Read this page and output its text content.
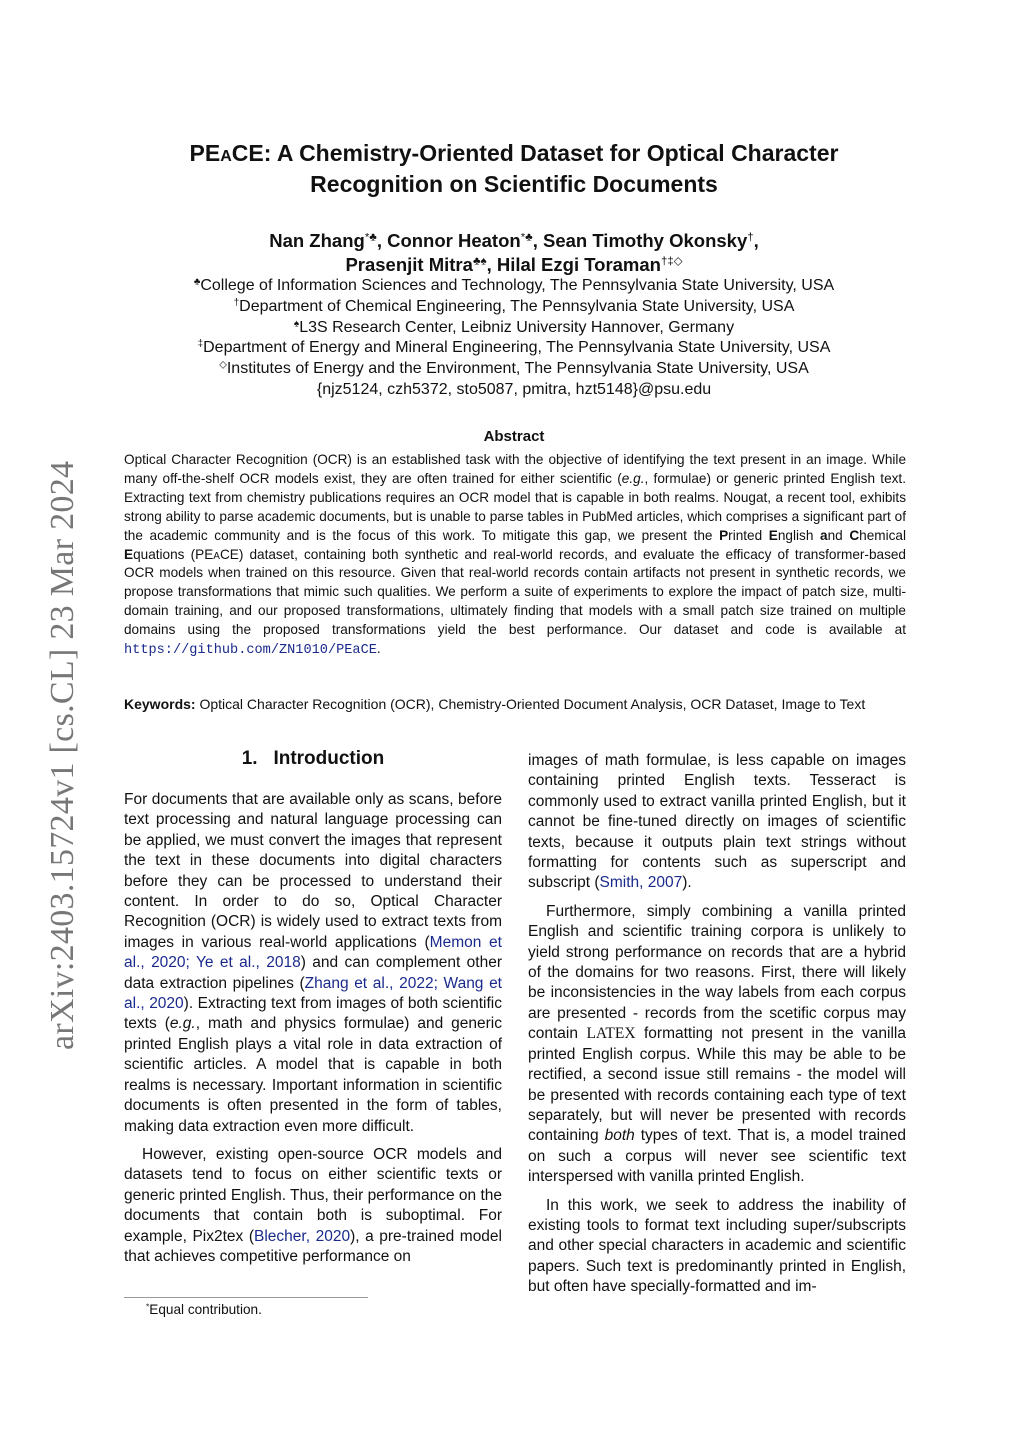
arXiv:2403.15724v1 [cs.CL] 23 Mar 2024
PEaCE: A Chemistry-Oriented Dataset for Optical Character
Recognition on Scientific Documents
Nan Zhang*♣, Connor Heaton*♣, Sean Timothy Okonsky†,
Prasenjit Mitra♣♠, Hilal Ezgi Toraman†‡◇
♣College of Information Sciences and Technology, The Pennsylvania State University, USA
†Department of Chemical Engineering, The Pennsylvania State University, USA
♠L3S Research Center, Leibniz University Hannover, Germany
‡Department of Energy and Mineral Engineering, The Pennsylvania State University, USA
◇Institutes of Energy and the Environment, The Pennsylvania State University, USA
{njz5124, czh5372, sto5087, pmitra, hzt5148}@psu.edu
Abstract
Optical Character Recognition (OCR) is an established task with the objective of identifying the text present in an image. While many off-the-shelf OCR models exist, they are often trained for either scientific (e.g., formulae) or generic printed English text. Extracting text from chemistry publications requires an OCR model that is capable in both realms. Nougat, a recent tool, exhibits strong ability to parse academic documents, but is unable to parse tables in PubMed articles, which comprises a significant part of the academic community and is the focus of this work. To mitigate this gap, we present the Printed English and Chemical Equations (PEaCE) dataset, containing both synthetic and real-world records, and evaluate the efficacy of transformer-based OCR models when trained on this resource. Given that real-world records contain artifacts not present in synthetic records, we propose transformations that mimic such qualities. We perform a suite of experiments to explore the impact of patch size, multi-domain training, and our proposed transformations, ultimately finding that models with a small patch size trained on multiple domains using the proposed transformations yield the best performance. Our dataset and code is available at https://github.com/ZN1010/PEaCE.
Keywords: Optical Character Recognition (OCR), Chemistry-Oriented Document Analysis, OCR Dataset, Image to Text
1. Introduction

For documents that are available only as scans, before text processing and natural language processing can be applied, we must convert the images that represent the text in these documents into digital characters before they can be processed to understand their content. In order to do so, Optical Character Recognition (OCR) is widely used to extract texts from images in various real-world applications (Memon et al., 2020; Ye et al., 2018) and can complement other data extraction pipelines (Zhang et al., 2022; Wang et al., 2020). Extracting text from images of both scientific texts (e.g., math and physics formulae) and generic printed English plays a vital role in data extraction of scientific articles. A model that is capable in both realms is necessary. Important information in scientific documents is often presented in the form of tables, making data extraction even more difficult.

However, existing open-source OCR models and datasets tend to focus on either scientific texts or generic printed English. Thus, their performance on the documents that contain both is suboptimal. For example, Pix2tex (Blecher, 2020), a pre-trained model that achieves competitive performance on

images of math formulae, is less capable on images containing printed English texts. Tesseract is commonly used to extract vanilla printed English, but it cannot be fine-tuned directly on images of scientific texts, because it outputs plain text strings without formatting for contents such as superscript and subscript (Smith, 2007).

Furthermore, simply combining a vanilla printed English and scientific training corpora is unlikely to yield strong performance on records that are a hybrid of the domains for two reasons. First, there will likely be inconsistencies in the way labels from each corpus are presented - records from the scetific corpus may contain LATEX formatting not present in the vanilla printed English corpus. While this may be able to be rectified, a second issue still remains - the model will be presented with records containing each type of text separately, but will never be presented with records containing both types of text. That is, a model trained on such a corpus will never see scientific text interspersed with vanilla printed English.

In this work, we seek to address the inability of existing tools to format text including super/subscripts and other special characters in academic and scientific papers. Such text is predominantly printed in English, but often have specially-formatted and im-

*Equal contribution.
